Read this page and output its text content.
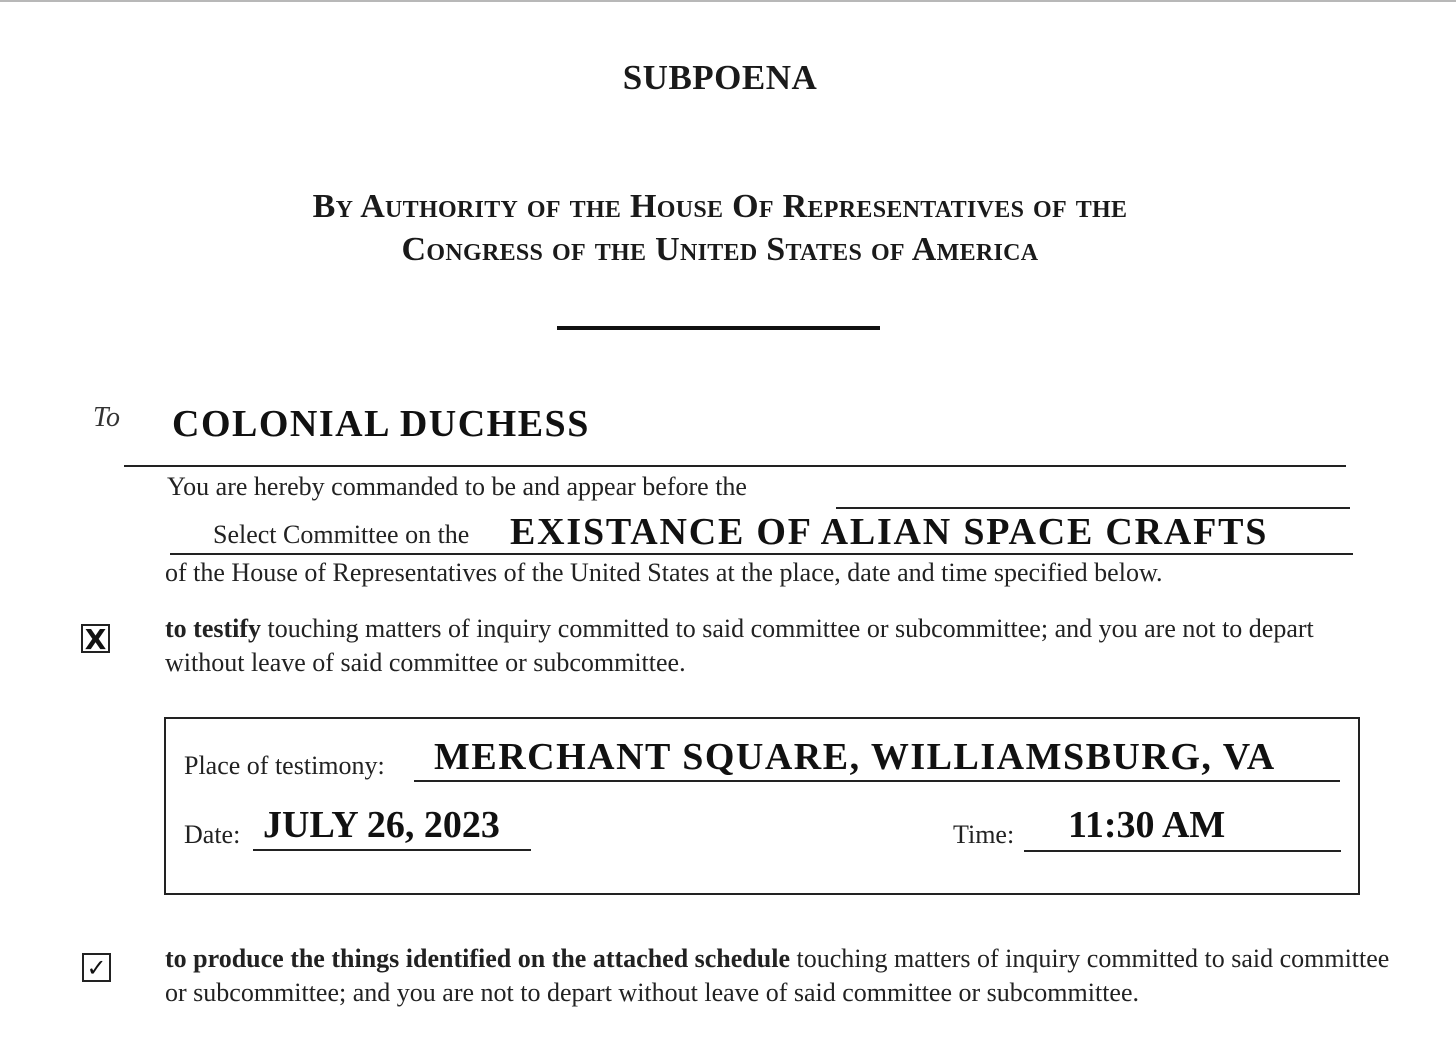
SUBPOENA
By Authority of the House Of Representatives of the
Congress of the United States of America
To COLONIAL DUCHESS
You are hereby commanded to be and appear before the
Select Committee on the EXISTANCE OF ALIAN SPACE CRAFTS
of the House of Representatives of the United States at the place, date and time specified below.
X to testify touching matters of inquiry committed to said committee or subcommittee; and you are not to depart without leave of said committee or subcommittee.
Place of testimony: MERCHANT SQUARE, WILLIAMSBURG, VA
Date: JULY 26, 2023	Time: 11:30 AM
✓ to produce the things identified on the attached schedule touching matters of inquiry committed to said committee or subcommittee; and you are not to depart without leave of said committee or subcommittee.
